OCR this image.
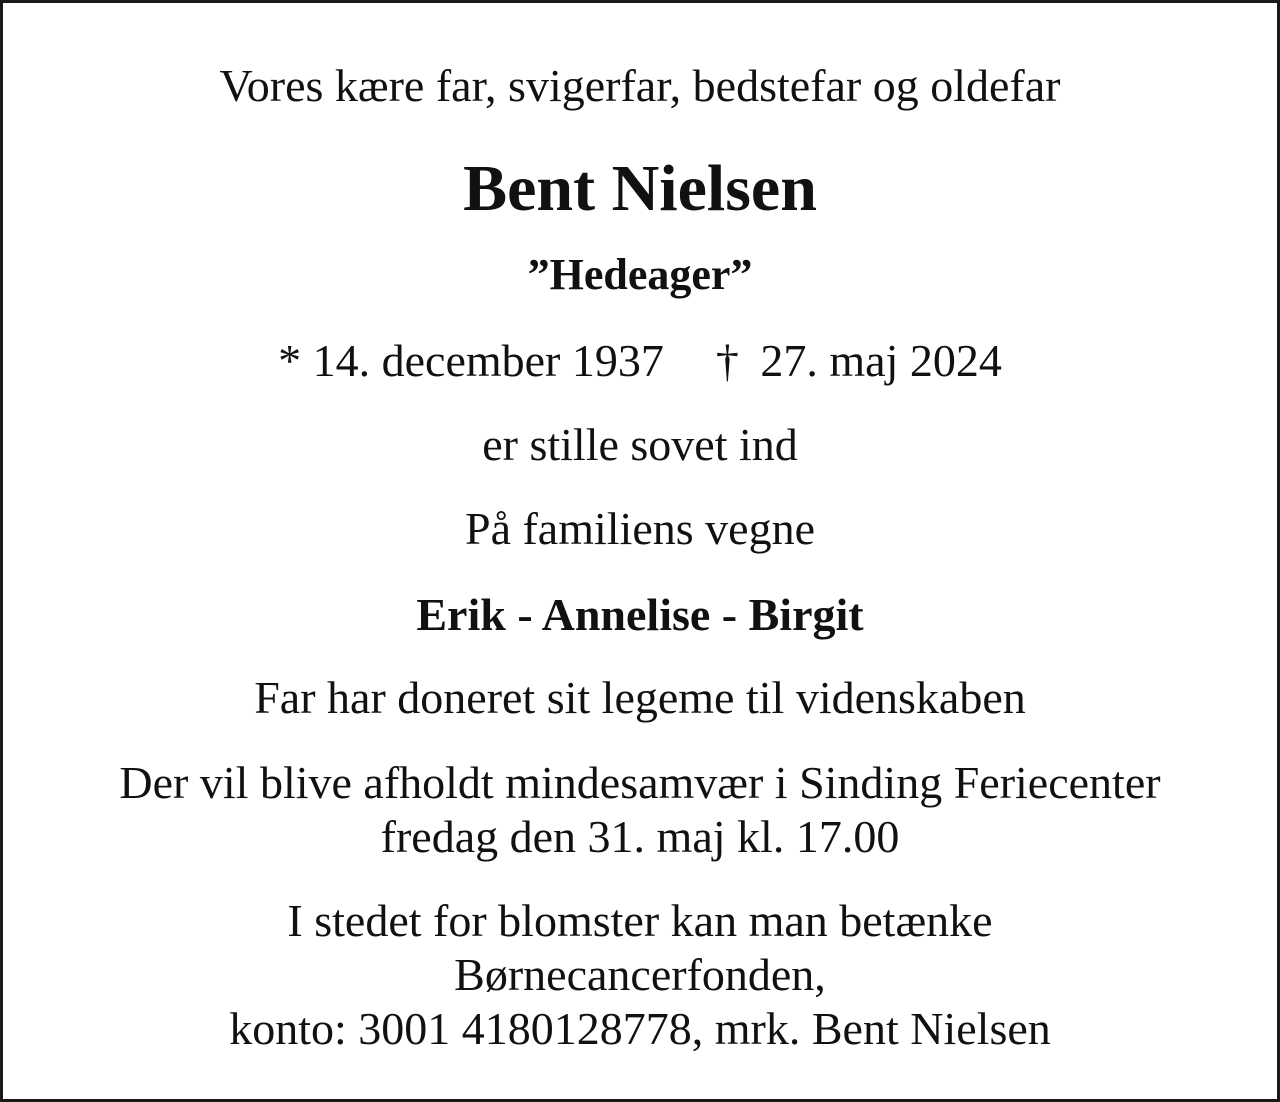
Vores kære far, svigerfar, bedstefar og oldefar

Bent Nielsen

”Hedeager”

* 14. december 1937 † 27. maj 2024

er stille sovet ind

På familiens vegne

Erik - Annelise - Birgit

Far har doneret sit legeme til videnskaben

Der vil blive afholdt mindesamvær i Sinding Feriecenter
fredag den 31. maj kl. 17.00

I stedet for blomster kan man betænke
Børnecancerfonden,
konto: 3001 4180128778, mrk. Bent Nielsen
